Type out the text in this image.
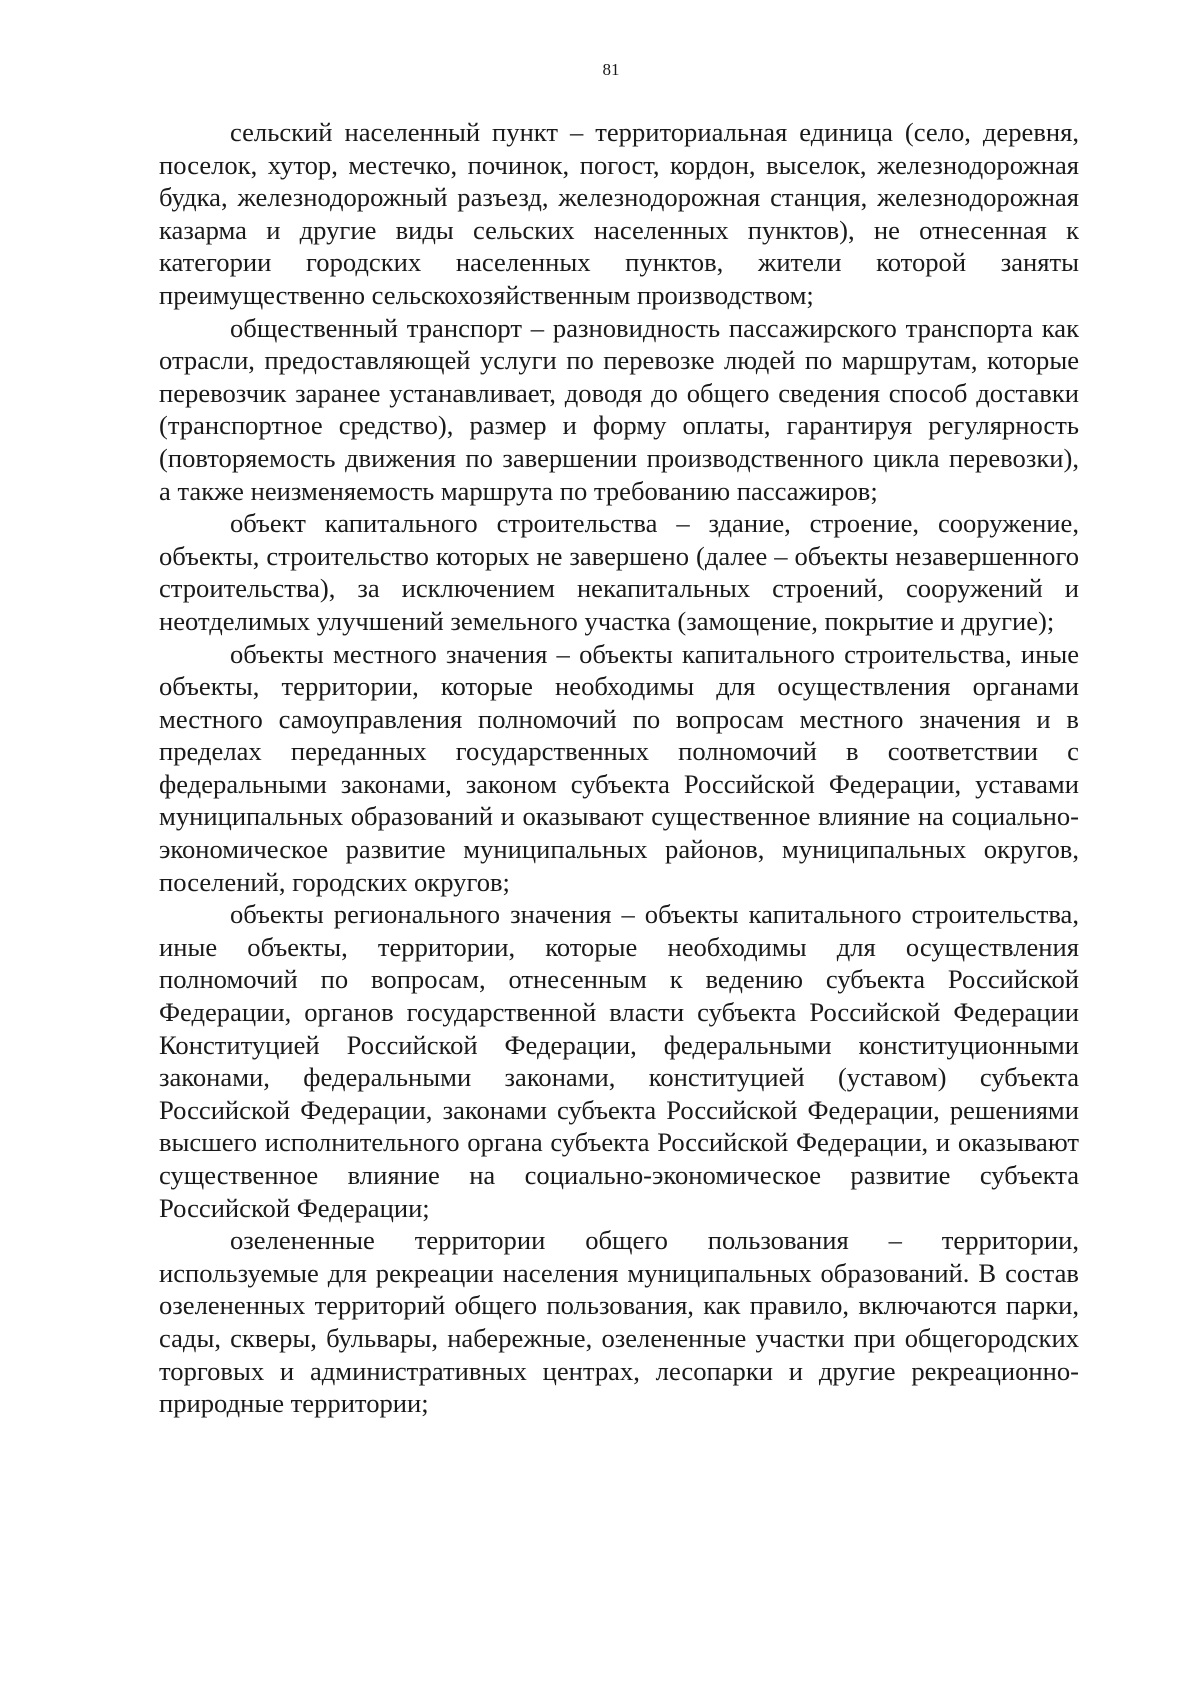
81

сельский населенный пункт – территориальная единица (село, деревня, поселок, хутор, местечко, починок, погост, кордон, выселок, железнодорожная будка, железнодорожный разъезд, железнодорожная станция, железнодорожная казарма и другие виды сельских населенных пунктов), не отнесенная к категории городских населенных пунктов, жители которой заняты преимущественно сельскохозяйственным производством;

общественный транспорт – разновидность пассажирского транспорта как отрасли, предоставляющей услуги по перевозке людей по маршрутам, которые перевозчик заранее устанавливает, доводя до общего сведения способ доставки (транспортное средство), размер и форму оплаты, гарантируя регулярность (повторяемость движения по завершении производственного цикла перевозки), а также неизменяемость маршрута по требованию пассажиров;

объект капитального строительства – здание, строение, сооружение, объекты, строительство которых не завершено (далее – объекты незавершенного строительства), за исключением некапитальных строений, сооружений и неотделимых улучшений земельного участка (замощение, покрытие и другие);

объекты местного значения – объекты капитального строительства, иные объекты, территории, которые необходимы для осуществления органами местного самоуправления полномочий по вопросам местного значения и в пределах переданных государственных полномочий в соответствии с федеральными законами, законом субъекта Российской Федерации, уставами муниципальных образований и оказывают существенное влияние на социально-экономическое развитие муниципальных районов, муниципальных округов, поселений, городских округов;

объекты регионального значения – объекты капитального строительства, иные объекты, территории, которые необходимы для осуществления полномочий по вопросам, отнесенным к ведению субъекта Российской Федерации, органов государственной власти субъекта Российской Федерации Конституцией Российской Федерации, федеральными конституционными законами, федеральными законами, конституцией (уставом) субъекта Российской Федерации, законами субъекта Российской Федерации, решениями высшего исполнительного органа субъекта Российской Федерации, и оказывают существенное влияние на социально-экономическое развитие субъекта Российской Федерации;

озелененные территории общего пользования – территории, используемые для рекреации населения муниципальных образований. В состав озелененных территорий общего пользования, как правило, включаются парки, сады, скверы, бульвары, набережные, озелененные участки при общегородских торговых и административных центрах, лесопарки и другие рекреационно-природные территории;
